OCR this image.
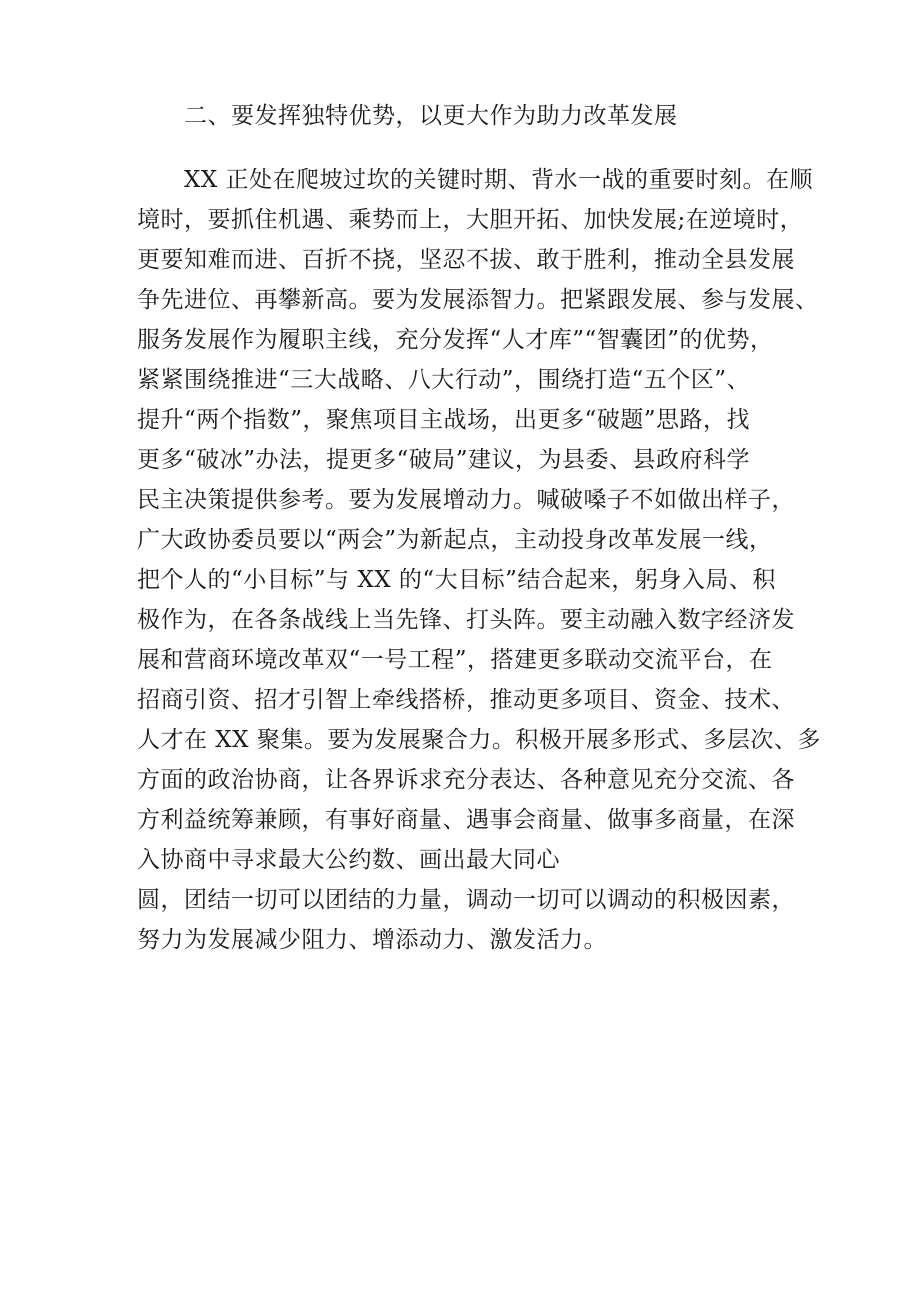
二、要发挥独特优势，以更大作为助力改革发展
XX 正处在爬坡过坎的关键时期、背水一战的重要时刻。在顺
境时，要抓住机遇、乘势而上，大胆开拓、加快发展;在逆境时，
更要知难而进、百折不挠，坚忍不拔、敢于胜利，推动全县发展
争先进位、再攀新高。要为发展添智力。把紧跟发展、参与发展、
服务发展作为履职主线，充分发挥“人才库”“智囊团”的优势，
紧紧围绕推进“三大战略、八大行动”，围绕打造“五个区”、
提升“两个指数”，聚焦项目主战场，出更多“破题”思路，找
更多“破冰”办法，提更多“破局”建议，为县委、县政府科学
民主决策提供参考。要为发展增动力。喊破嗓子不如做出样子，
广大政协委员要以“两会”为新起点，主动投身改革发展一线，
把个人的“小目标”与 XX 的“大目标”结合起来，躬身入局、积
极作为，在各条战线上当先锋、打头阵。要主动融入数字经济发
展和营商环境改革双“一号工程”，搭建更多联动交流平台，在
招商引资、招才引智上牵线搭桥，推动更多项目、资金、技术、
人才在 XX 聚集。要为发展聚合力。积极开展多形式、多层次、多
方面的政治协商，让各界诉求充分表达、各种意见充分交流、各
方利益统筹兼顾，有事好商量、遇事会商量、做事多商量，在深
入协商中寻求最大公约数、画出最大同心
圆，团结一切可以团结的力量，调动一切可以调动的积极因素，
努力为发展减少阻力、增添动力、激发活力。
